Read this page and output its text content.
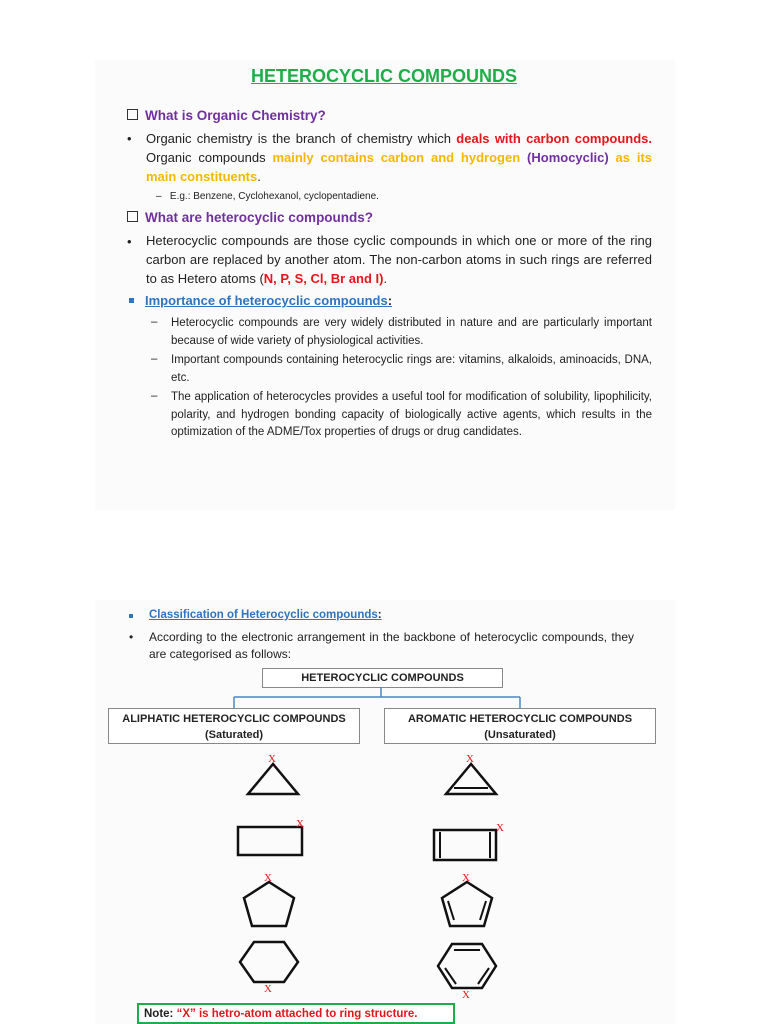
HETEROCYCLIC COMPOUNDS
What is Organic Chemistry?
• Organic chemistry is the branch of chemistry which deals with carbon compounds. Organic compounds mainly contains carbon and hydrogen (Homocyclic) as its main constituents.
–   E.g.: Benzene, Cyclohexanol, cyclopentadiene.
What are heterocyclic compounds?
• Heterocyclic compounds are those cyclic compounds in which one or more of the ring carbon are replaced by another atom. The non-carbon atoms in such rings are referred to as Hetero atoms (N, P, S, Cl, Br and I).
Importance of heterocyclic compounds:
– Heterocyclic compounds are very widely distributed in nature and are particularly important because of wide variety of physiological activities.
– Important compounds containing heterocyclic rings are: vitamins, alkaloids, aminoacids, DNA, etc.
– The application of heterocycles provides a useful tool for modification of solubility, lipophilicity, polarity, and hydrogen bonding capacity of biologically active agents, which results in the optimization of the ADME/Tox properties of drugs or drug candidates.
Classification of Heterocyclic compounds:
• According to the electronic arrangement in the backbone of heterocyclic compounds, they are categorised as follows:
HETEROCYCLIC COMPOUNDS
ALIPHATIC HETEROCYCLIC COMPOUNDS
(Saturated)
AROMATIC HETEROCYCLIC COMPOUNDS
(Unsaturated)
X
X
X
X
X
X
X
X
Note: “X” is hetro-atom attached to ring structure.
